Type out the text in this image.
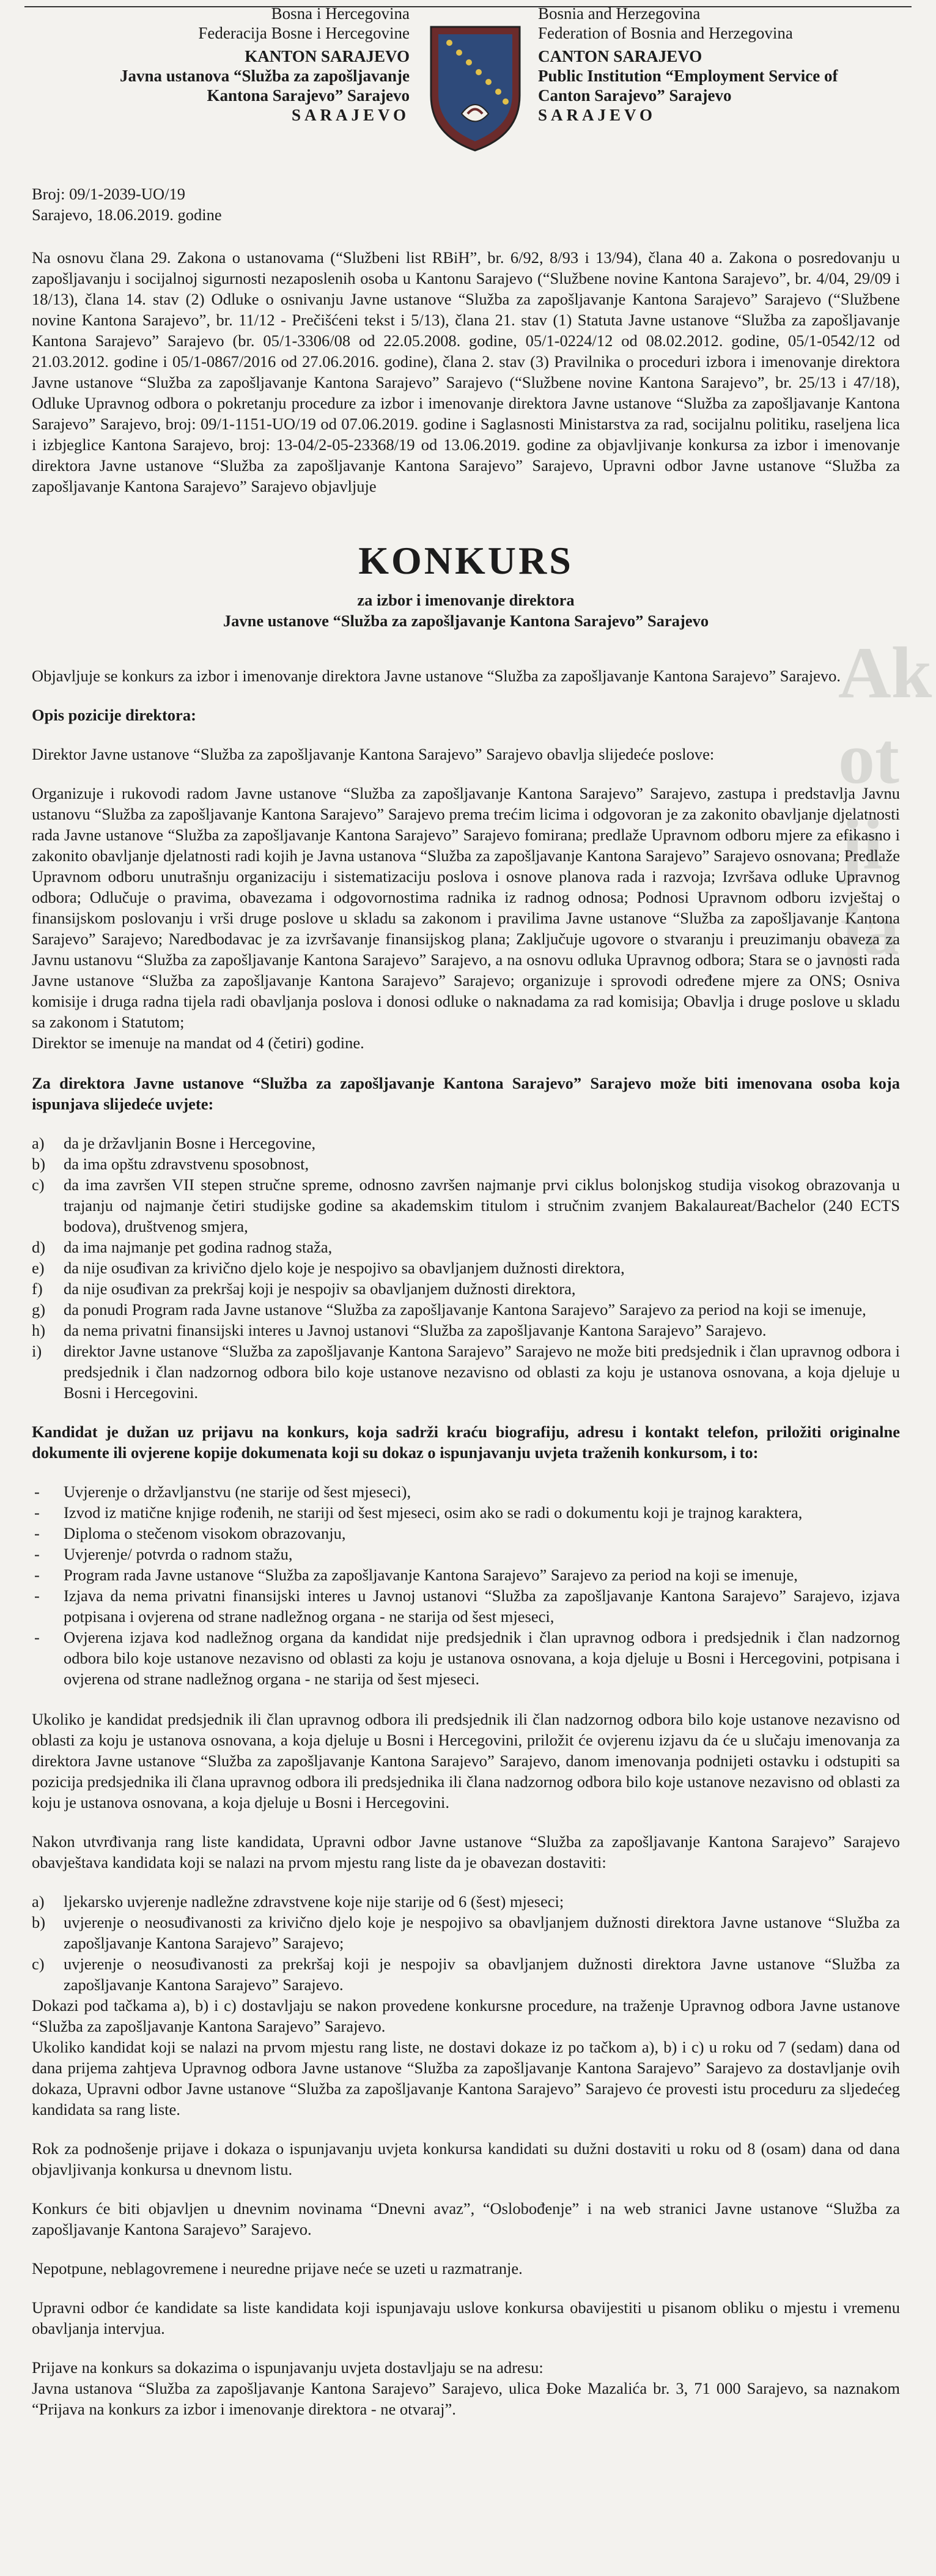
Bosna i Hercegovina
Federacija Bosne i Hercegovine
KANTON SARAJEVO
Javna ustanova “Služba za zapošljavanje
Kantona Sarajevo” Sarajevo
SARAJEVO
Bosnia and Herzegovina
Federation of Bosnia and Herzegovina
CANTON SARAJEVO
Public Institution “Employment Service of
Canton Sarajevo” Sarajevo
SARAJEVO
Ak
ot
ji
ja

Broj: 09/1-2039-UO/19

Sarajevo, 18.06.2019. godine

Na osnovu člana 29. Zakona o ustanovama (“Službeni list RBiH”, br. 6/92, 8/93 i 13/94), člana 40 a. Zakona o posredovanju u zapošljavanju i socijalnoj sigurnosti nezaposlenih osoba u Kantonu Sarajevo (“Službene novine Kantona Sarajevo”, br. 4/04, 29/09 i 18/13), člana 14. stav (2) Odluke o osnivanju Javne ustanove “Služba za zapošljavanje Kantona Sarajevo” Sarajevo (“Službene novine Kantona Sarajevo”, br. 11/12 - Prečišćeni tekst i 5/13), člana 21. stav (1) Statuta Javne ustanove “Služba za zapošljavanje Kantona Sarajevo” Sarajevo (br. 05/1-3306/08 od 22.05.2008. godine, 05/1-0224/12 od 08.02.2012. godine, 05/1-0542/12 od 21.03.2012. godine i 05/1-0867/2016 od 27.06.2016. godine), člana 2. stav (3) Pravilnika o proceduri izbora i imenovanje direktora Javne ustanove “Služba za zapošljavanje Kantona Sarajevo” Sarajevo (“Službene novine Kantona Sarajevo”, br. 25/13 i 47/18), Odluke Upravnog odbora o pokretanju procedure za izbor i imenovanje direktora Javne ustanove “Služba za zapošljavanje Kantona Sarajevo” Sarajevo, broj: 09/1-1151-UO/19 od 07.06.2019. godine i Saglasnosti Ministarstva za rad, socijalnu politiku, raseljena lica i izbjeglice Kantona Sarajevo, broj: 13-04/2-05-23368/19 od 13.06.2019. godine za objavljivanje konkursa za izbor i imenovanje direktora Javne ustanove “Služba za zapošljavanje Kantona Sarajevo” Sarajevo, Upravni odbor Javne ustanove “Služba za zapošljavanje Kantona Sarajevo” Sarajevo objavljuje

KONKURS

za izbor i imenovanje direktora

Javne ustanove “Služba za zapošljavanje Kantona Sarajevo” Sarajevo

Objavljuje se konkurs za izbor i imenovanje direktora Javne ustanove “Služba za zapošljavanje Kantona Sarajevo” Sarajevo.

Opis pozicije direktora:

Direktor Javne ustanove “Služba za zapošljavanje Kantona Sarajevo” Sarajevo obavlja slijedeće poslove:

Organizuje i rukovodi radom Javne ustanove “Služba za zapošljavanje Kantona Sarajevo” Sarajevo, zastupa i predstavlja Javnu ustanovu “Služba za zapošljavanje Kantona Sarajevo” Sarajevo prema trećim licima i odgovoran je za zakonito obavljanje djelatnosti rada Javne ustanove “Služba za zapošljavanje Kantona Sarajevo” Sarajevo fomirana; predlaže Upravnom odboru mjere za efikasno i zakonito obavljanje djelatnosti radi kojih je Javna ustanova “Služba za zapošljavanje Kantona Sarajevo” Sarajevo osnovana; Predlaže Upravnom odboru unutrašnju organizaciju i sistematizaciju poslova i osnove planova rada i razvoja; Izvršava odluke Upravnog odbora; Odlučuje o pravima, obavezama i odgovornostima radnika iz radnog odnosa; Podnosi Upravnom odboru izvještaj o finansijskom poslovanju i vrši druge poslove u skladu sa zakonom i pravilima Javne ustanove “Služba za zapošljavanje Kantona Sarajevo” Sarajevo; Naredbodavac je za izvršavanje finansijskog plana; Zaključuje ugovore o stvaranju i preuzimanju obaveza za Javnu ustanovu “Služba za zapošljavanje Kantona Sarajevo” Sarajevo, a na osnovu odluka Upravnog odbora; Stara se o javnosti rada Javne ustanove “Služba za zapošljavanje Kantona Sarajevo” Sarajevo; organizuje i sprovodi određene mjere za ONS; Osniva komisije i druga radna tijela radi obavljanja poslova i donosi odluke o naknadama za rad komisija; Obavlja i druge poslove u skladu sa zakonom i Statutom;

Direktor se imenuje na mandat od 4 (četiri) godine.

Za direktora Javne ustanove “Služba za zapošljavanje Kantona Sarajevo” Sarajevo može biti imenovana osoba koja ispunjava slijedeće uvjete:

a) da je državljanin Bosne i Hercegovine,
b) da ima opštu zdravstvenu sposobnost,
c) da ima završen VII stepen stručne spreme, odnosno završen najmanje prvi ciklus bolonjskog studija visokog obrazovanja u trajanju od najmanje četiri studijske godine sa akademskim titulom i stručnim zvanjem Bakalaureat/Bachelor (240 ECTS bodova), društvenog smjera,
d) da ima najmanje pet godina radnog staža,
e) da nije osuđivan za krivično djelo koje je nespojivo sa obavljanjem dužnosti direktora,
f) da nije osuđivan za prekršaj koji je nespojiv sa obavljanjem dužnosti direktora,
g) da ponudi Program rada Javne ustanove “Služba za zapošljavanje Kantona Sarajevo” Sarajevo za period na koji se imenuje,
h) da nema privatni finansijski interes u Javnoj ustanovi “Služba za zapošljavanje Kantona Sarajevo” Sarajevo.
i) direktor Javne ustanove “Služba za zapošljavanje Kantona Sarajevo” Sarajevo ne može biti predsjednik i član upravnog odbora i predsjednik i član nadzornog odbora bilo koje ustanove nezavisno od oblasti za koju je ustanova osnovana, a koja djeluje u Bosni i Hercegovini.

Kandidat je dužan uz prijavu na konkurs, koja sadrži kraću biografiju, adresu i kontakt telefon, priložiti originalne dokumente ili ovjerene kopije dokumenata koji su dokaz o ispunjavanju uvjeta traženih konkursom, i to:

- Uvjerenje o državljanstvu (ne starije od šest mjeseci),
- Izvod iz matične knjige rođenih, ne stariji od šest mjeseci, osim ako se radi o dokumentu koji je trajnog karaktera,
- Diploma o stečenom visokom obrazovanju,
- Uvjerenje/ potvrda o radnom stažu,
- Program rada Javne ustanove “Služba za zapošljavanje Kantona Sarajevo” Sarajevo za period na koji se imenuje,
- Izjava da nema privatni finansijski interes u Javnoj ustanovi “Služba za zapošljavanje Kantona Sarajevo” Sarajevo, izjava potpisana i ovjerena od strane nadležnog organa - ne starija od šest mjeseci,
- Ovjerena izjava kod nadležnog organa da kandidat nije predsjednik i član upravnog odbora i predsjednik i član nadzornog odbora bilo koje ustanove nezavisno od oblasti za koju je ustanova osnovana, a koja djeluje u Bosni i Hercegovini, potpisana i ovjerena od strane nadležnog organa - ne starija od šest mjeseci.

Ukoliko je kandidat predsjednik ili član upravnog odbora ili predsjednik ili član nadzornog odbora bilo koje ustanove nezavisno od oblasti za koju je ustanova osnovana, a koja djeluje u Bosni i Hercegovini, priložit će ovjerenu izjavu da će u slučaju imenovanja za direktora Javne ustanove “Služba za zapošljavanje Kantona Sarajevo” Sarajevo, danom imenovanja podnijeti ostavku i odstupiti sa pozicija predsjednika ili člana upravnog odbora ili predsjednika ili člana nadzornog odbora bilo koje ustanove nezavisno od oblasti za koju je ustanova osnovana, a koja djeluje u Bosni i Hercegovini.

Nakon utvrđivanja rang liste kandidata, Upravni odbor Javne ustanove “Služba za zapošljavanje Kantona Sarajevo” Sarajevo obavještava kandidata koji se nalazi na prvom mjestu rang liste da je obavezan dostaviti:

a) ljekarsko uvjerenje nadležne zdravstvene koje nije starije od 6 (šest) mjeseci;
b) uvjerenje o neosuđivanosti za krivično djelo koje je nespojivo sa obavljanjem dužnosti direktora Javne ustanove “Služba za zapošljavanje Kantona Sarajevo” Sarajevo;
c) uvjerenje o neosuđivanosti za prekršaj koji je nespojiv sa obavljanjem dužnosti direktora Javne ustanove “Služba za zapošljavanje Kantona Sarajevo” Sarajevo.

Dokazi pod tačkama a), b) i c) dostavljaju se nakon provedene konkursne procedure, na traženje Upravnog odbora Javne ustanove “Služba za zapošljavanje Kantona Sarajevo” Sarajevo.

Ukoliko kandidat koji se nalazi na prvom mjestu rang liste, ne dostavi dokaze iz po tačkom a), b) i c) u roku od 7 (sedam) dana od dana prijema zahtjeva Upravnog odbora Javne ustanove “Služba za zapošljavanje Kantona Sarajevo” Sarajevo za dostavljanje ovih dokaza, Upravni odbor Javne ustanove “Služba za zapošljavanje Kantona Sarajevo” Sarajevo će provesti istu proceduru za sljedećeg kandidata sa rang liste.

Rok za podnošenje prijave i dokaza o ispunjavanju uvjeta konkursa kandidati su dužni dostaviti u roku od 8 (osam) dana od dana objavljivanja konkursa u dnevnom listu.

Konkurs će biti objavljen u dnevnim novinama “Dnevni avaz”, “Oslobođenje” i na web stranici Javne ustanove “Služba za zapošljavanje Kantona Sarajevo” Sarajevo.

Nepotpune, neblagovremene i neuredne prijave neće se uzeti u razmatranje.

Upravni odbor će kandidate sa liste kandidata koji ispunjavaju uslove konkursa obavijestiti u pisanom obliku o mjestu i vremenu obavljanja intervjua.

Prijave na konkurs sa dokazima o ispunjavanju uvjeta dostavljaju se na adresu:

Javna ustanova “Služba za zapošljavanje Kantona Sarajevo” Sarajevo, ulica Đoke Mazalića br. 3, 71 000 Sarajevo, sa naznakom “Prijava na konkurs za izbor i imenovanje direktora - ne otvaraj”.
